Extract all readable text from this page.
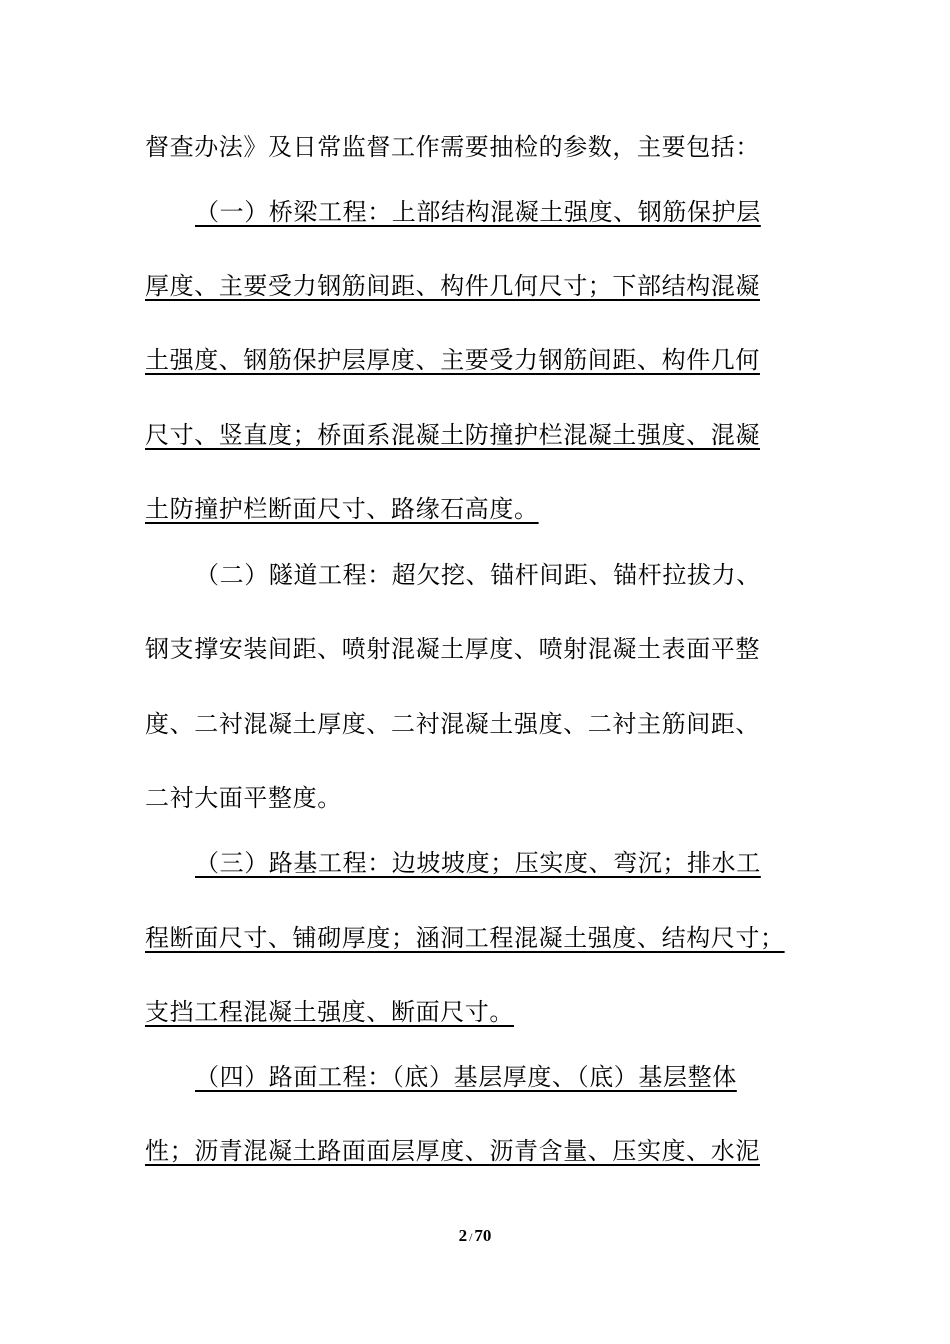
督查办法》及日常监督工作需要抽检的参数，主要包括：
（一）桥梁工程：上部结构混凝土强度、钢筋保护层
厚度、主要受力钢筋间距、构件几何尺寸；下部结构混凝
土强度、钢筋保护层厚度、主要受力钢筋间距、构件几何
尺寸、竖直度；桥面系混凝土防撞护栏混凝土强度、混凝
土防撞护栏断面尺寸、路缘石高度。
（二）隧道工程：超欠挖、锚杆间距、锚杆拉拔力、
钢支撑安装间距、喷射混凝土厚度、喷射混凝土表面平整
度、二衬混凝土厚度、二衬混凝土强度、二衬主筋间距、
二衬大面平整度。
（三）路基工程：边坡坡度；压实度、弯沉；排水工
程断面尺寸、铺砌厚度；涵洞工程混凝土强度、结构尺寸；
支挡工程混凝土强度、断面尺寸。
（四）路面工程：（底）基层厚度、（底）基层整体
性；沥青混凝土路面面层厚度、沥青含量、压实度、水泥
2 / 70
